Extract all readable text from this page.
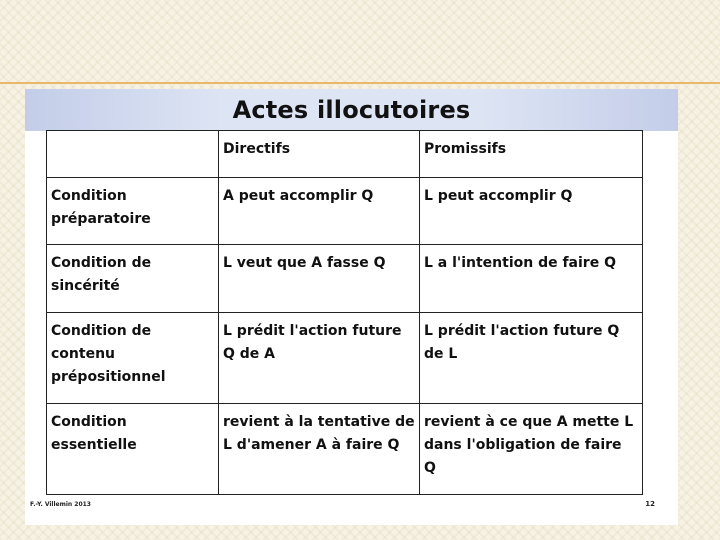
Actes illocutoires
	Directifs	Promissifs
Condition préparatoire	A peut accomplir Q	L peut accomplir Q
Condition de sincérité	L veut que A fasse Q	L a l'intention de faire Q
Condition de contenu prépositionnel	L prédit l'action future Q de A	L prédit l'action future Q de L
Condition essentielle	revient à la tentative de L d'amener A à faire Q	revient à ce que A mette L dans l'obligation de faire Q
F.-Y. Villemin 2013	12
